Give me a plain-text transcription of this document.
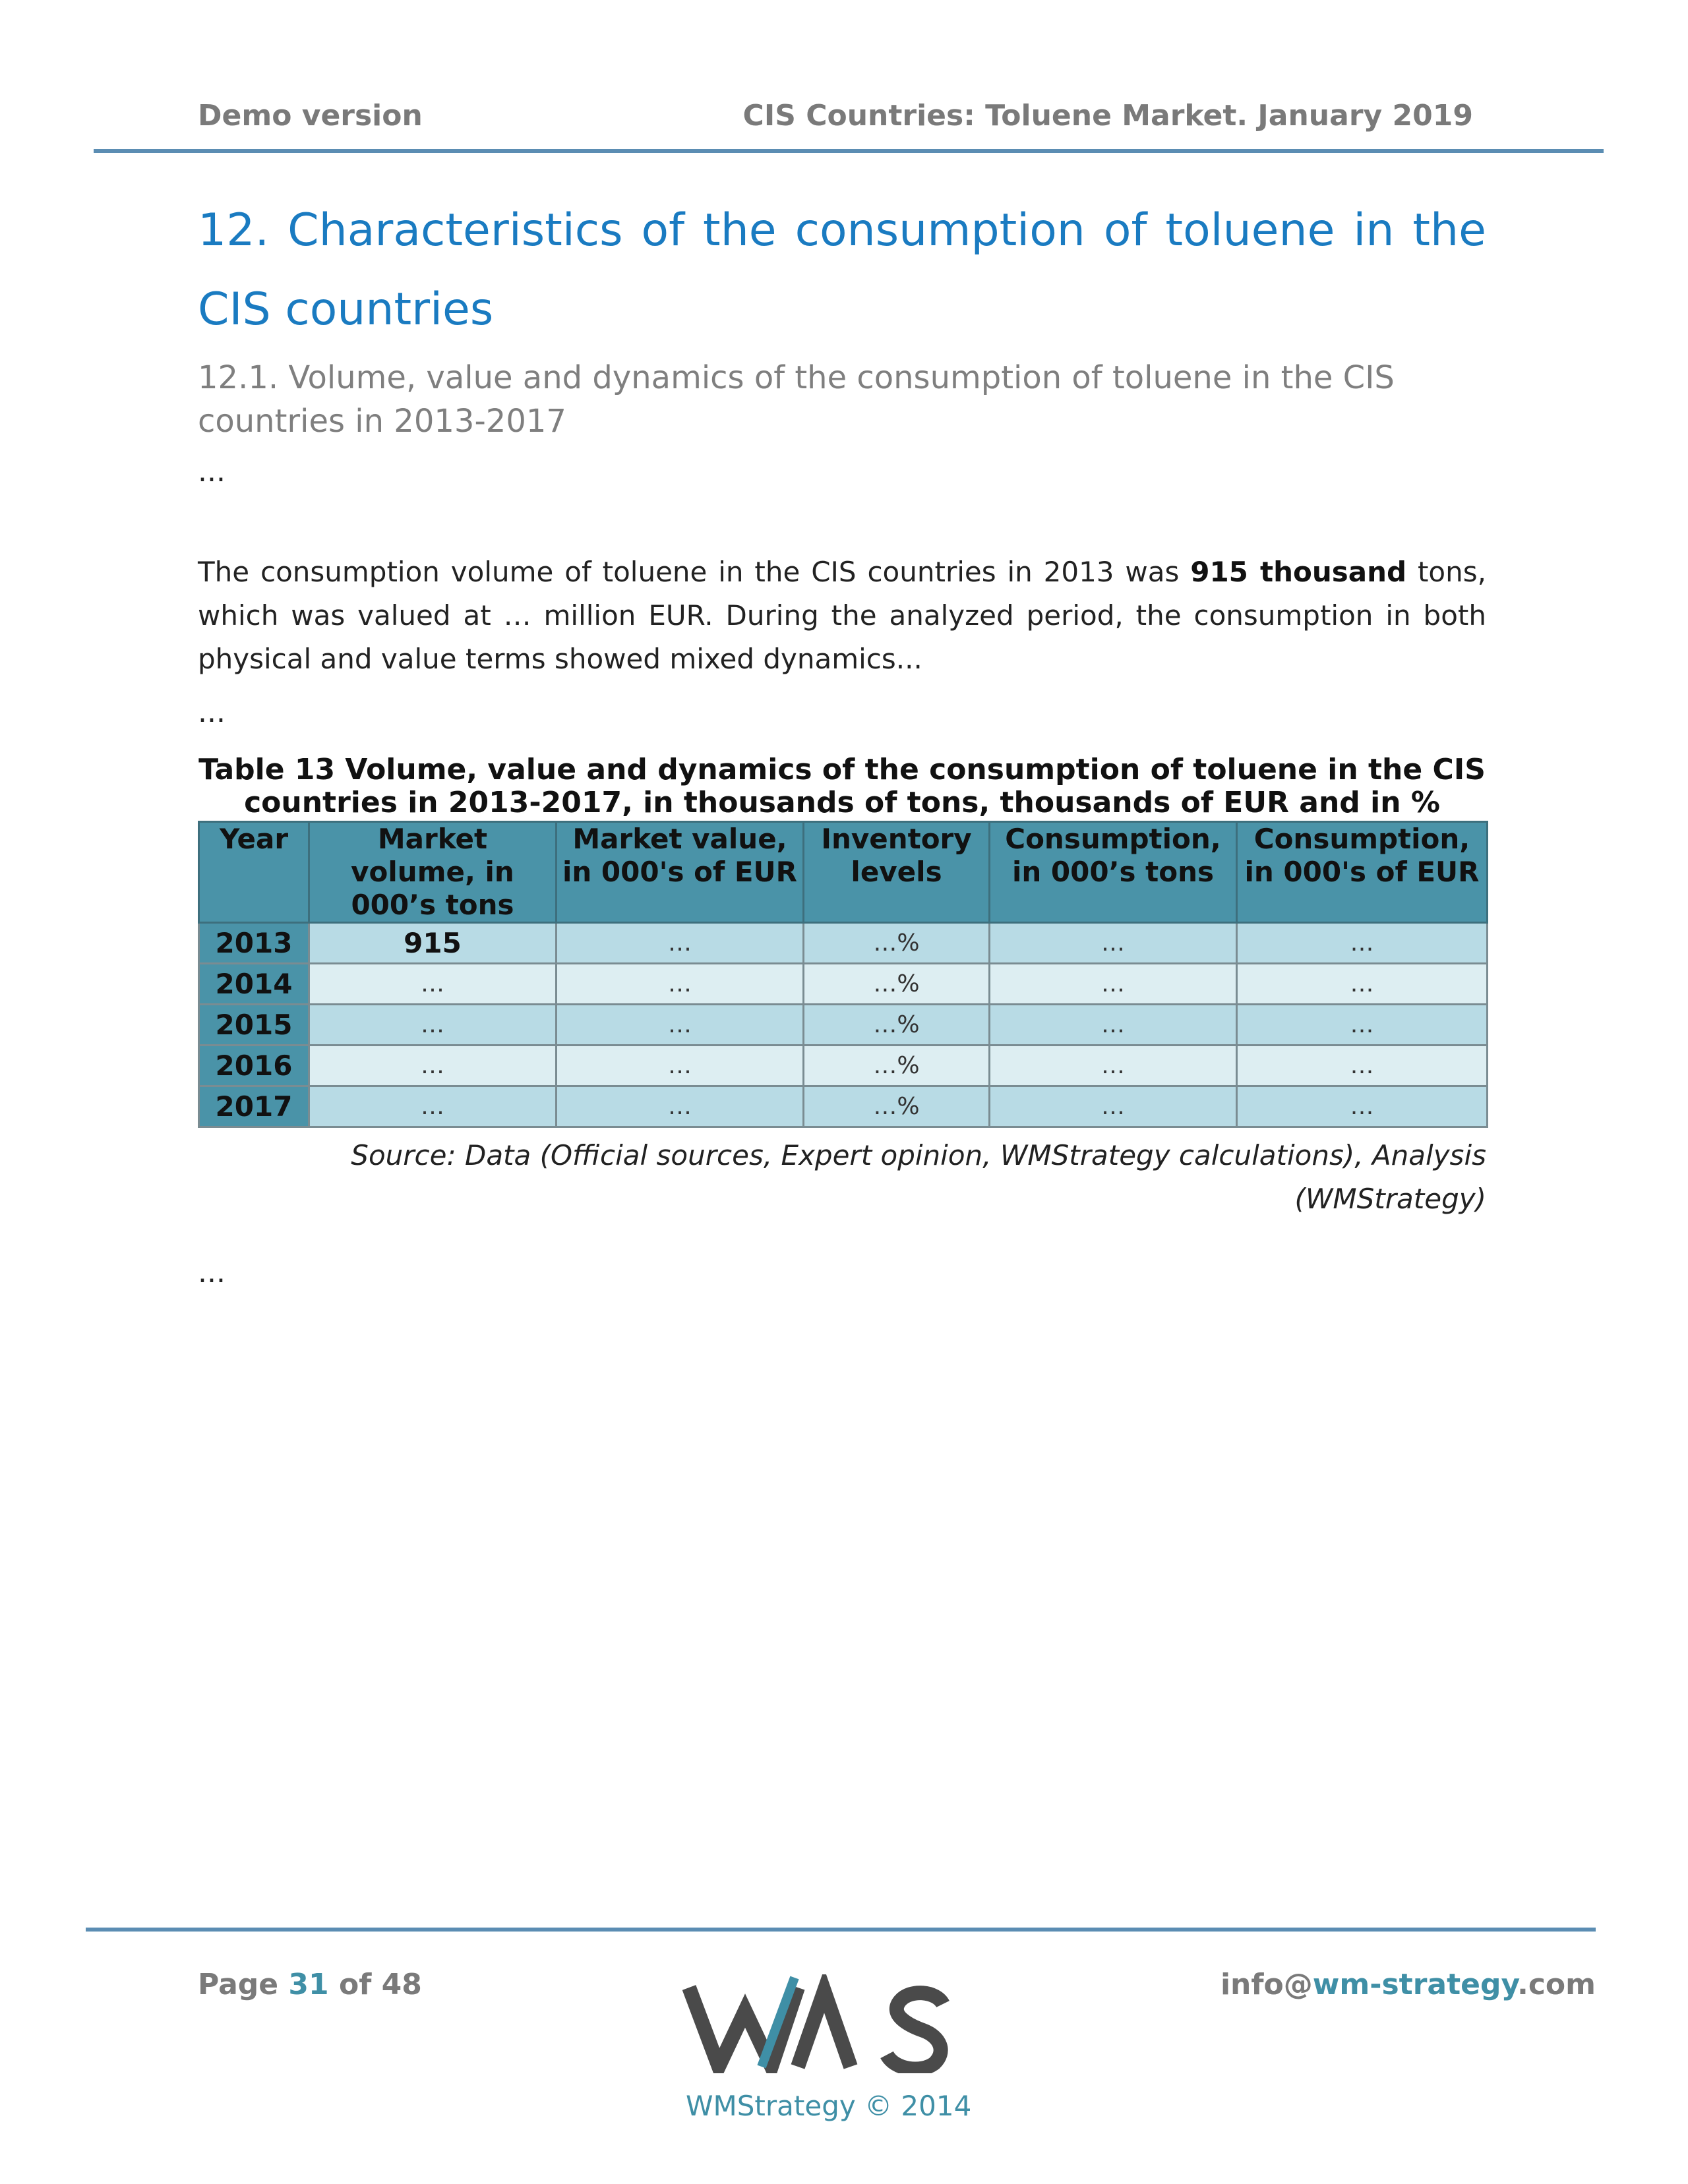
Demo version	CIS Countries: Toluene Market. January 2019
12. Characteristics of the consumption of toluene in the CIS countries
12.1. Volume, value and dynamics of the consumption of toluene in the CIS countries in 2013-2017
...
The consumption volume of toluene in the CIS countries in 2013 was 915 thousand tons, which was valued at … million EUR. During the analyzed period, the consumption in both physical and value terms showed mixed dynamics...
...
Table 13 Volume, value and dynamics of the consumption of toluene in the CIS countries in 2013-2017, in thousands of tons, thousands of EUR and in %
Year	Market volume, in 000’s tons	Market value, in 000's of EUR	Inventory levels	Consumption, in 000’s tons	Consumption, in 000's of EUR
2013	915	…	…%	…	…
2014	…	…	…%	…	…
2015	…	…	…%	…	…
2016	…	…	…%	…	…
2017	…	…	…%	…	…
Source: Data (Official sources, Expert opinion, WMStrategy calculations), Analysis (WMStrategy)
...
Page 31 of 48
WMStrategy © 2014
info@wm-strategy.com
